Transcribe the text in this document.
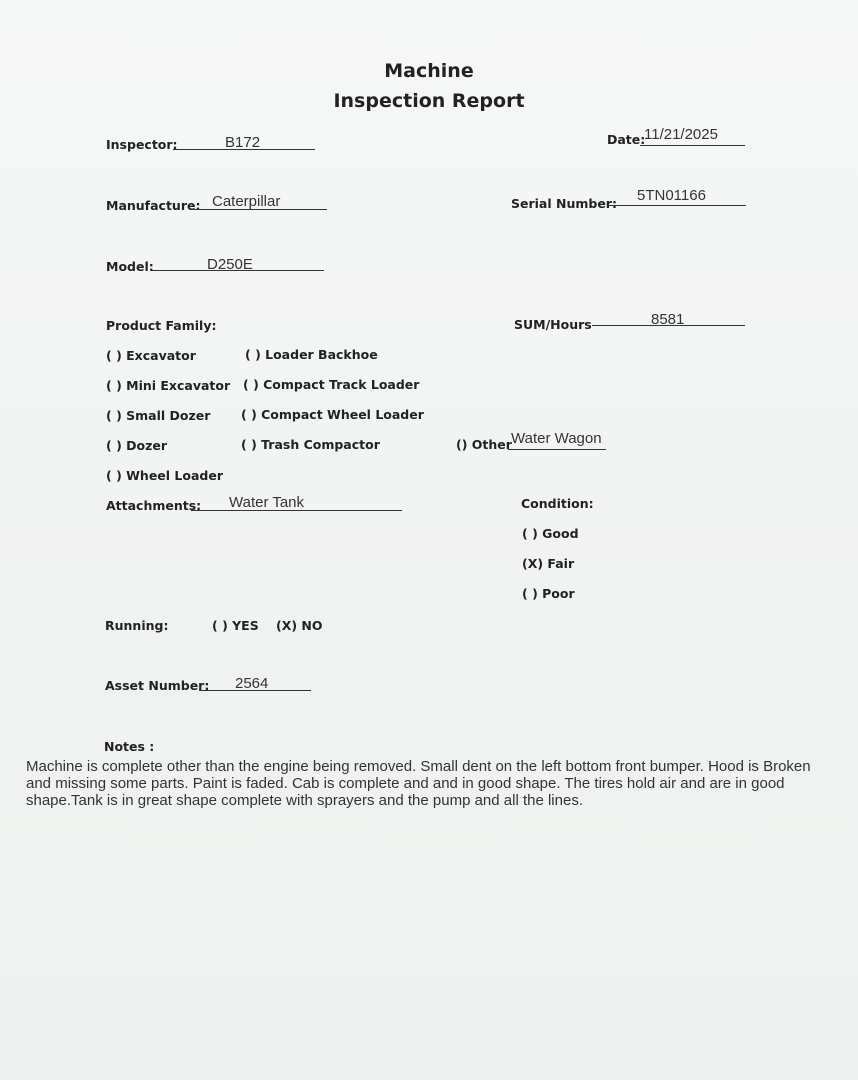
Machine
Inspection Report
Inspector:	B172	Date:
11/21/2025
Manufacture: Caterpillar	Serial Number: 5TN01166
Model:	D250E
Product Family:
( ) Excavator
( ) Mini Excavator
( ) Small Dozer
( ) Dozer
( ) Wheel Loader
( ) Loader Backhoe
( ) Compact Track Loader
( ) Compact Wheel Loader
( ) Trash Compactor	() Other Water Wagon
SUM/Hours	8581
Attachments: Water Tank	Condition:
( ) Good
(X) Fair
( ) Poor
Running:	( ) YES (X) NO
Asset Number: 2564
Notes :
Machine is complete other than the engine being removed. Small dent on the left bottom front bumper. Hood is Broken and missing some parts. Paint is faded. Cab is complete and and in good shape. The tires hold air and are in good shape.Tank is in great shape complete with sprayers and the pump and all the lines.
